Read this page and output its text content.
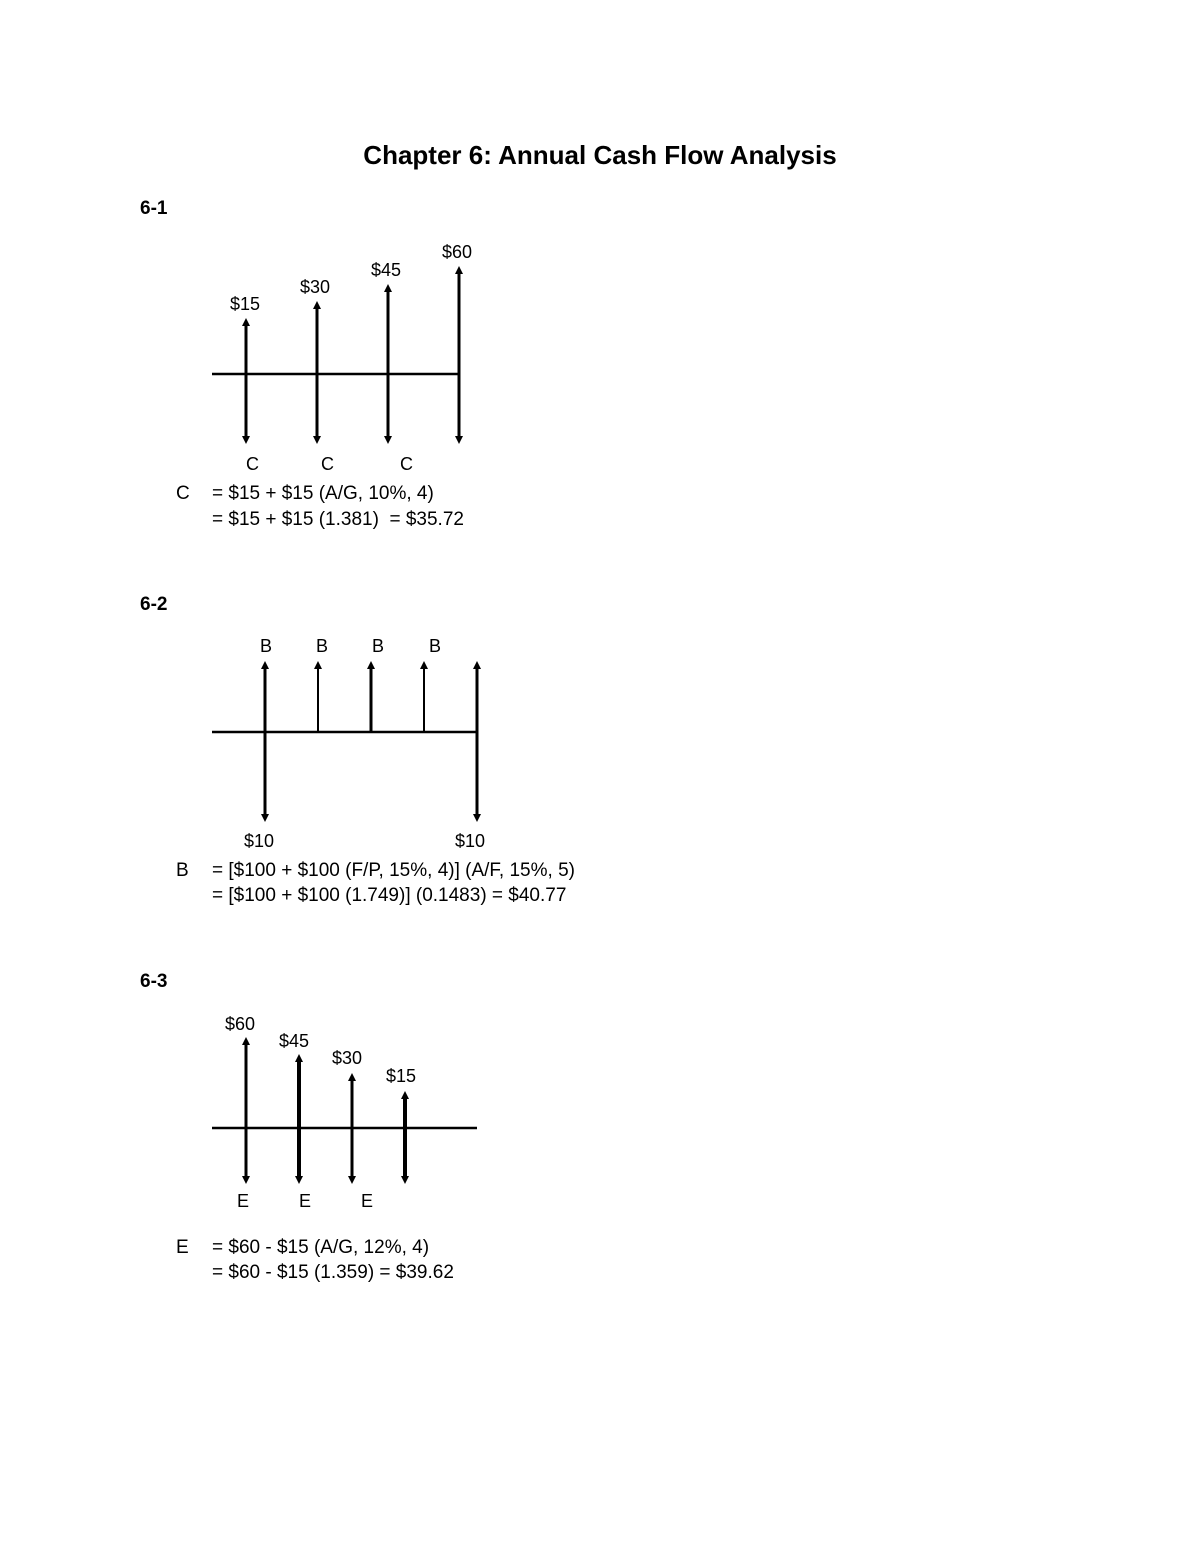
Chapter 6: Annual Cash Flow Analysis

6-1

$15
$30
$45
$60
C	C	C

C = $15 + $15 (A/G, 10%, 4)

= $15 + $15 (1.381)  = $35.72

6-2

B B B B
$10	$10

B = [$100 + $100 (F/P, 15%, 4)] (A/F, 15%, 5)

= [$100 + $100 (1.749)] (0.1483) = $40.77

6-3

$60
$45
$30
$15
E	E	E

E = $60 - $15 (A/G, 12%, 4)

= $60 - $15 (1.359) = $39.62
